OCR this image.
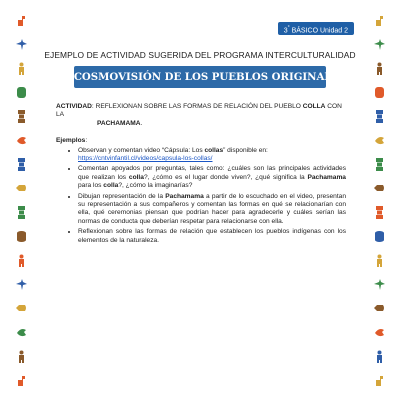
3° BÁSICO Unidad 2
EJEMPLO DE ACTIVIDAD SUGERIDA DEL PROGRAMA INTERCULTURALIDAD
EJE: COSMOVISIÓN DE LOS PUEBLOS ORIGINARIOS

ACTIVIDAD: REFLEXIONAN SOBRE LAS FORMAS DE RELACIÓN DEL PUEBLO COLLA CON LA
PACHAMAMA.

Ejemplos:
• Observan y comentan video “Cápsula: Los collas” disponible en:
https://cntvinfantil.cl/videos/capsula-los-collas/
• Comentan apoyados por preguntas, tales como: ¿cuáles son las principales actividades que realizan los colla?, ¿cómo es el lugar donde viven?, ¿qué significa la Pachamama para los colla?, ¿cómo la imaginarías?
• Dibujan representación de la Pachamama a partir de lo escuchado en el video, presentan su representación a sus compañeros y comentan las formas en qué se relacionarían con ella, qué ceremonias piensan que podrían hacer para agradecerle y cuáles serían las normas de conducta que deberían respetar para relacionarse con ella.
• Reflexionan sobre las formas de relación que establecen los pueblos indígenas con los elementos de la naturaleza.
